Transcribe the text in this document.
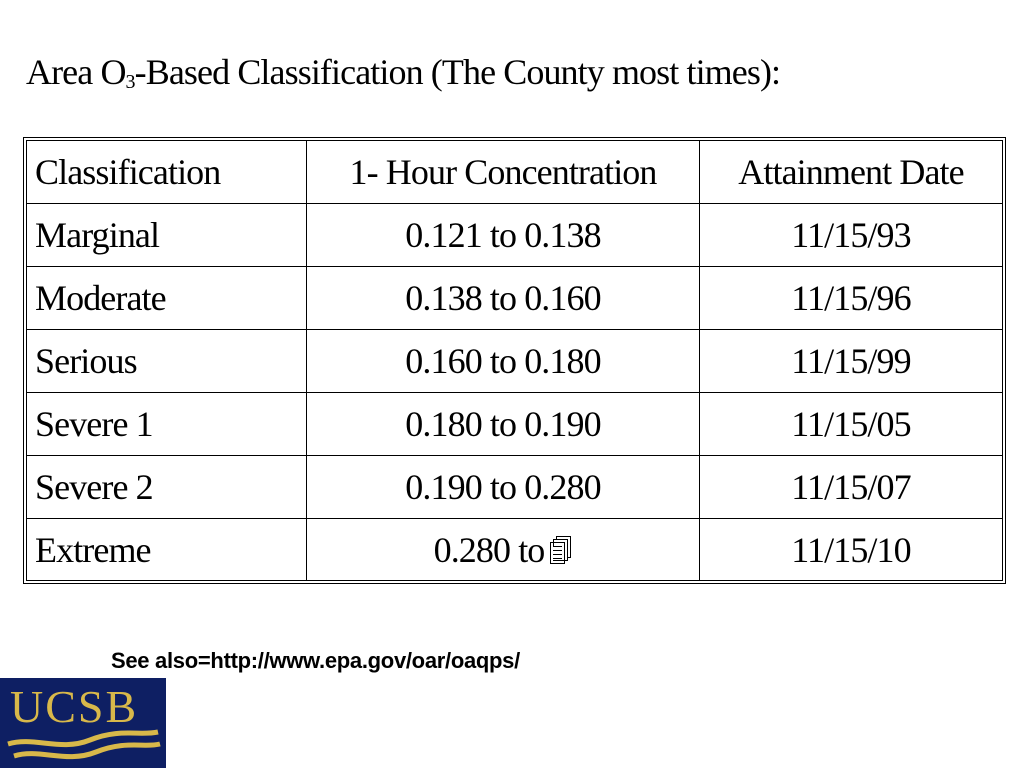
Area $O_3$-Based Classification (The County most times):
Classification	1- Hour Concentration	Attainment Date
Marginal	0.121 to 0.138	11/15/93
Moderate	0.138 to 0.160	11/15/96
Serious	0.160 to 0.180	11/15/99
Severe 1	0.180 to 0.190	11/15/05
Severe 2	0.190 to 0.280	11/15/07
Extreme	0.280 to	11/15/10
See also=http://www.epa.gov/oar/oaqps/
UCSB
